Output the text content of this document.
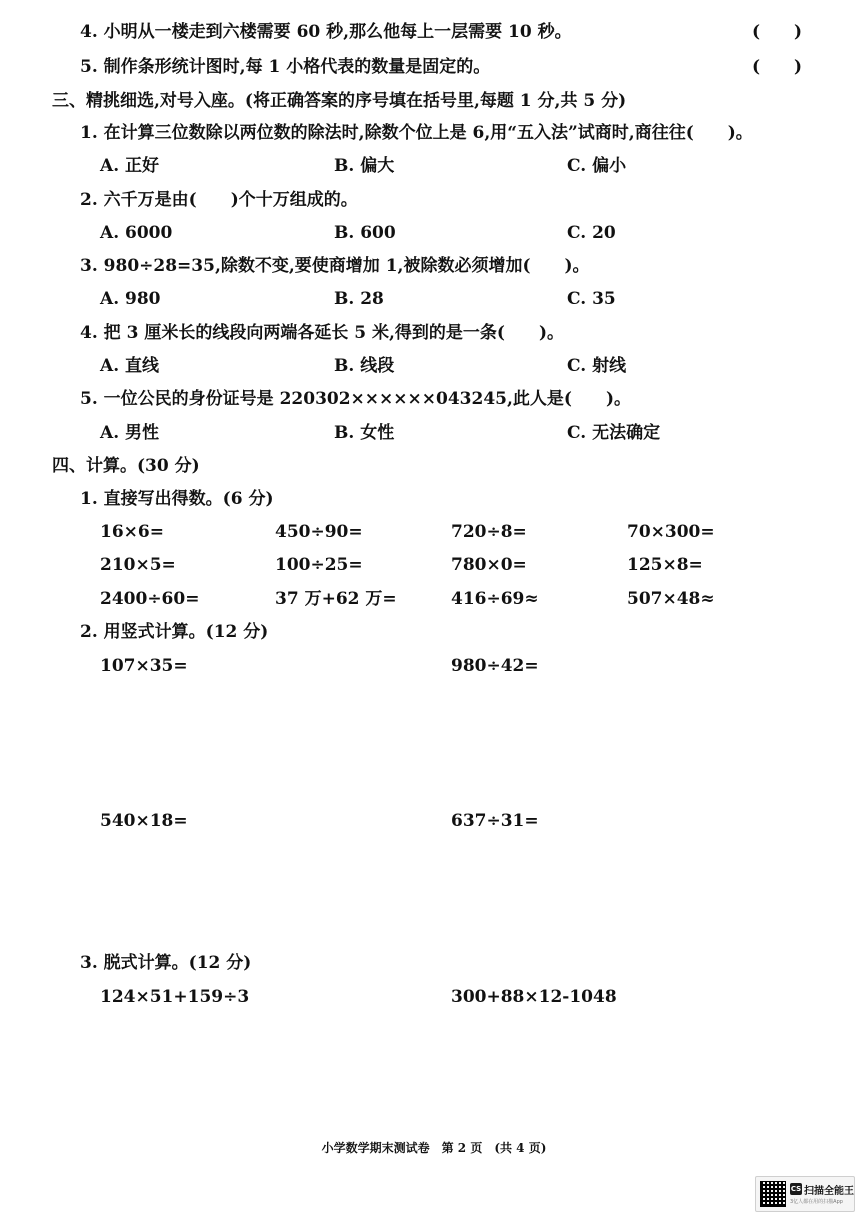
4. 小明从一楼走到六楼需要 60 秒,那么他每上一层需要 10 秒。	(　　)
5. 制作条形统计图时,每 1 小格代表的数量是固定的。	(　　)
三、精挑细选,对号入座。(将正确答案的序号填在括号里,每题 1 分,共 5 分)
1. 在计算三位数除以两位数的除法时,除数个位上是 6,用“五入法”试商时,商往往(　　)。
A. 正好	B. 偏大	C. 偏小
2. 六千万是由(　　)个十万组成的。
A. 6000	B. 600	C. 20
3. 980÷28=35,除数不变,要使商增加 1,被除数必须增加(　　)。
A. 980	B. 28	C. 35
4. 把 3 厘米长的线段向两端各延长 5 米,得到的是一条(　　)。
A. 直线	B. 线段	C. 射线
5. 一位公民的身份证号是 220302××××××043245,此人是(　　)。
A. 男性	B. 女性	C. 无法确定
四、计算。(30 分)
1. 直接写出得数。(6 分)
16×6=	450÷90=	720÷8=	70×300=
210×5=	100÷25=	780×0=	125×8=
2400÷60=	37 万+62 万=	416÷69≈	507×48≈
2. 用竖式计算。(12 分)
107×35=	980÷42=
540×18=	637÷31=
3. 脱式计算。(12 分)
124×51+159÷3	300+88×12-1048
小学数学期末测试卷　第 2 页　(共 4 页)
CS 扫描全能王
3亿人都在用的扫描App
